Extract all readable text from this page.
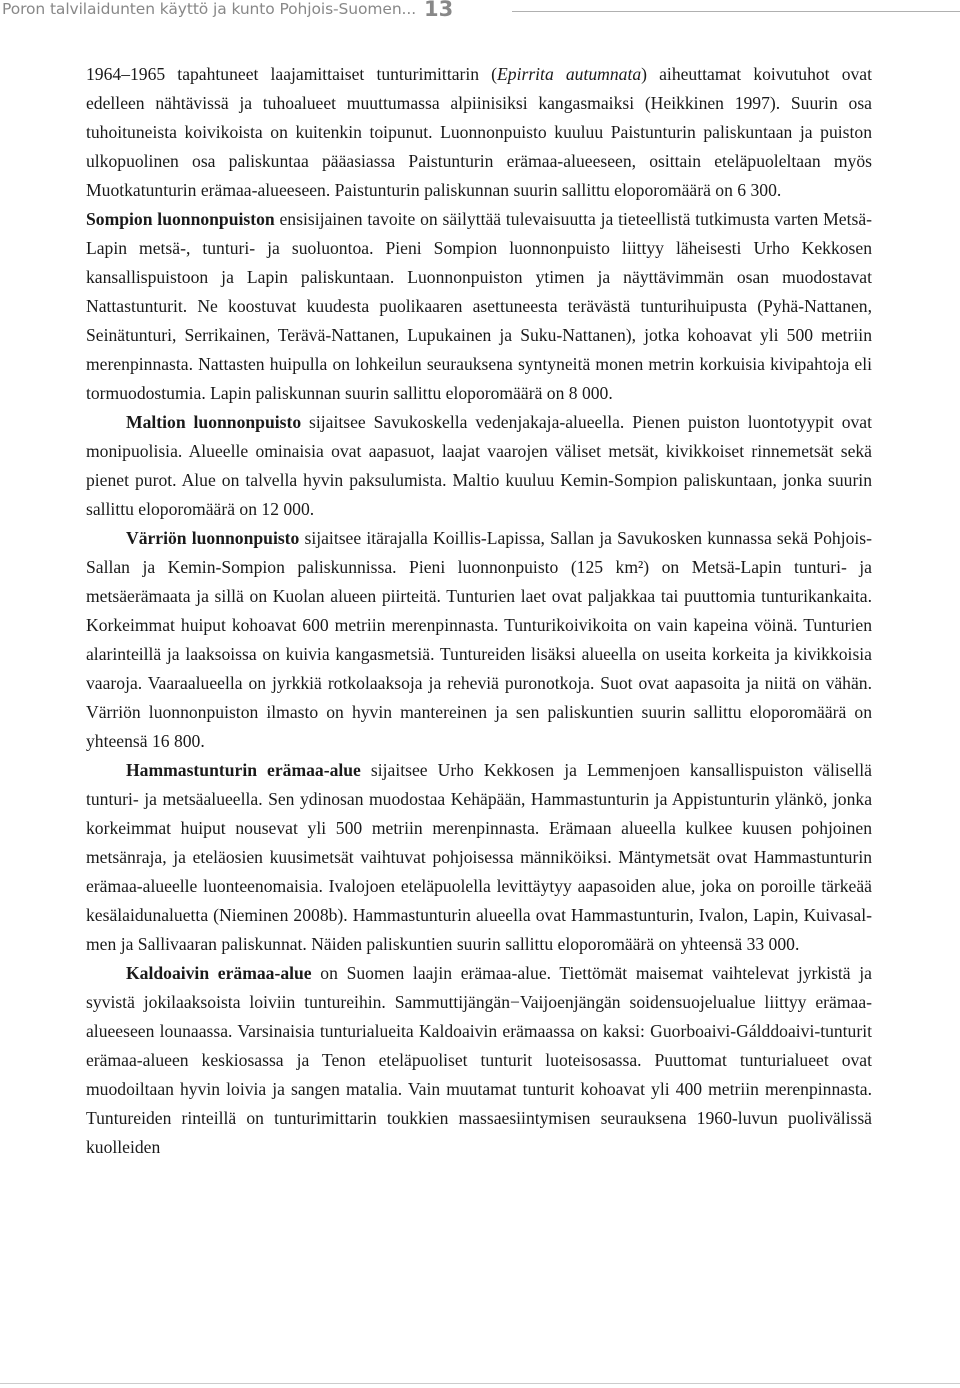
Poron talvilaidunten käyttö ja kunto Pohjois-Suomen... 13

1964–1965 tapahtuneet laajamittaiset tunturimittarin (Epirrita autumnata) aiheuttamat koivutuhot ovat edelleen nähtävissä ja tuhoalueet muuttumassa alpiinisiksi kangasmaiksi (Heikkinen 1997). Suurin osa tuhoituneista koivikoista on kuitenkin toipunut. Luonnonpuisto kuuluu Paistunturin paliskuntaan ja puiston ulkopuolinen osa paliskuntaa pääasiassa Paistunturin erämaa-alueeseen, osittain eteläpuoleltaan myös Muotkatunturin erämaa-alueeseen. Paistunturin paliskunnan suurin sallittu eloporomäärä on 6 300.

Sompion luonnonpuiston ensisijainen tavoite on säilyttää tulevaisuutta ja tieteellistä tutkimusta varten Metsä-Lapin metsä-, tunturi- ja suoluontoa. Pieni Sompion luonnonpuisto liittyy läheisesti Urho Kekkosen kansallispuistoon ja Lapin paliskuntaan. Luonnonpuiston ytimen ja näyttävimmän osan muodostavat Nattastunturit. Ne koostuvat kuudesta puolikaaren asettuneesta terävästä tunturihuipusta (Pyhä-Nattanen, Seinätunturi, Serrikainen, Terävä-Nattanen, Lupukainen ja Suku-Nattanen), jotka kohoavat yli 500 metriin merenpinnasta. Nattasten huipulla on lohkeilun seurauksena syntyneitä monen metrin korkuisia kivipahtoja eli tormuodostumia. Lapin paliskunnan suurin sallittu eloporomäärä on 8 000.

Maltion luonnonpuisto sijaitsee Savukoskella vedenjakaja-alueella. Pienen puiston luontotyypit ovat monipuolisia. Alueelle ominaisia ovat aapasuot, laajat vaarojen väliset metsät, kivikkoiset rinnemetsät sekä pienet purot. Alue on talvella hyvin paksulumista. Maltio kuuluu Kemin-Sompion paliskuntaan, jonka suurin sallittu eloporomäärä on 12 000.

Värriön luonnonpuisto sijaitsee itärajalla Koillis-Lapissa, Sallan ja Savukosken kunnassa sekä Pohjois-Sallan ja Kemin-Sompion paliskunnissa. Pieni luonnonpuisto (125 km²) on Metsä-Lapin tunturi- ja metsäerämaata ja sillä on Kuolan alueen piirteitä. Tunturien laet ovat paljakkaa tai puuttomia tunturikankaita. Korkeimmat huiput kohoavat 600 metriin merenpinnasta. Tunturikoivikoita on vain kapeina vöinä. Tunturien alarinteillä ja laaksoissa on kuivia kangasmetsiä. Tuntureiden lisäksi alueella on useita korkeita ja kivikkoisia vaaroja. Vaaraalueella on jyrkkiä rotkolaaksoja ja reheviä puronotkoja. Suot ovat aapasoita ja niitä on vähän. Värriön luonnonpuiston ilmasto on hyvin mantereinen ja sen paliskuntien suurin sallittu eloporomäärä on yhteensä 16 800.

Hammastunturin erämaa-alue sijaitsee Urho Kekkosen ja Lemmenjoen kansallispuiston välisellä tunturi- ja metsäalueella. Sen ydinosan muodostaa Kehäpään, Hammastunturin ja Appistunturin ylänkö, jonka korkeimmat huiput nousevat yli 500 metriin merenpinnasta. Erämaan alueella kulkee kuusen pohjoinen metsänraja, ja eteläosien kuusimetsät vaihtuvat pohjoisessa männiköiksi. Mäntymetsät ovat Hammastunturin erämaa-alueelle luonteenomaisia. Ivalojoen eteläpuolella levittäytyy aapasoiden alue, joka on poroille tärkeää kesälaidunaluetta (Nieminen 2008b). Hammastunturin alueella ovat Hammastunturin, Ivalon, Lapin, Kuivasalmen ja Sallivaaran paliskunnat. Näiden paliskuntien suurin sallittu eloporomäärä on yhteensä 33 000.

Kaldoaivin erämaa-alue on Suomen laajin erämaa-alue. Tiettömät maisemat vaihtelevat jyrkistä ja syvistä jokilaaksoista loiviin tuntureihin. Sammuttijängän−Vaijoenjängän soidensuojelualue liittyy erämaa-alueeseen lounaassa. Varsinaisia tunturialueita Kaldoaivin erämaassa on kaksi: Guorboaivi-Gálddoaivi-tunturit erämaa-alueen keskiosassa ja Tenon eteläpuoliset tunturit luoteisosassa. Puuttomat tunturialueet ovat muodoiltaan hyvin loivia ja sangen matalia. Vain muutamat tunturit kohoavat yli 400 metriin merenpinnasta. Tuntureiden rinteillä on tunturimittarin toukkien massaesiintymisen seurauksena 1960-luvun puolivälissä kuolleiden
